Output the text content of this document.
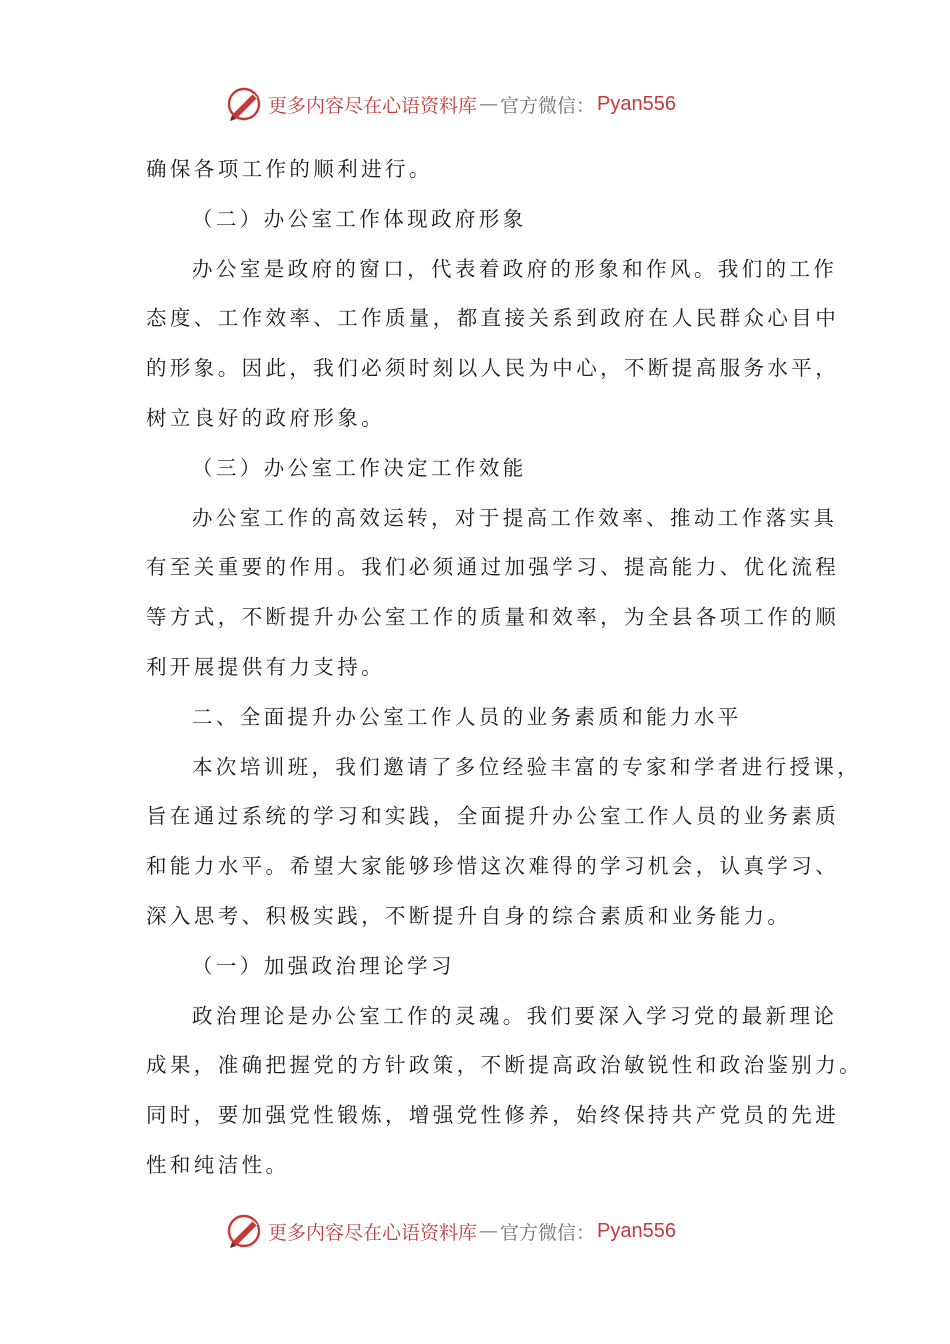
更多内容尽在心语资料库 — 官方微信： Pyan556
确保各项工作的顺利进行。
（二）办公室工作体现政府形象
办公室是政府的窗口，代表着政府的形象和作风。我们的工作
态度、工作效率、工作质量，都直接关系到政府在人民群众心目中
的形象。因此，我们必须时刻以人民为中心，不断提高服务水平，
树立良好的政府形象。
（三）办公室工作决定工作效能
办公室工作的高效运转，对于提高工作效率、推动工作落实具
有至关重要的作用。我们必须通过加强学习、提高能力、优化流程
等方式，不断提升办公室工作的质量和效率，为全县各项工作的顺
利开展提供有力支持。
二、全面提升办公室工作人员的业务素质和能力水平
本次培训班，我们邀请了多位经验丰富的专家和学者进行授课，
旨在通过系统的学习和实践，全面提升办公室工作人员的业务素质
和能力水平。希望大家能够珍惜这次难得的学习机会，认真学习、
深入思考、积极实践，不断提升自身的综合素质和业务能力。
（一）加强政治理论学习
政治理论是办公室工作的灵魂。我们要深入学习党的最新理论
成果，准确把握党的方针政策，不断提高政治敏锐性和政治鉴别力。
同时，要加强党性锻炼，增强党性修养，始终保持共产党员的先进
性和纯洁性。
更多内容尽在心语资料库 — 官方微信： Pyan556
